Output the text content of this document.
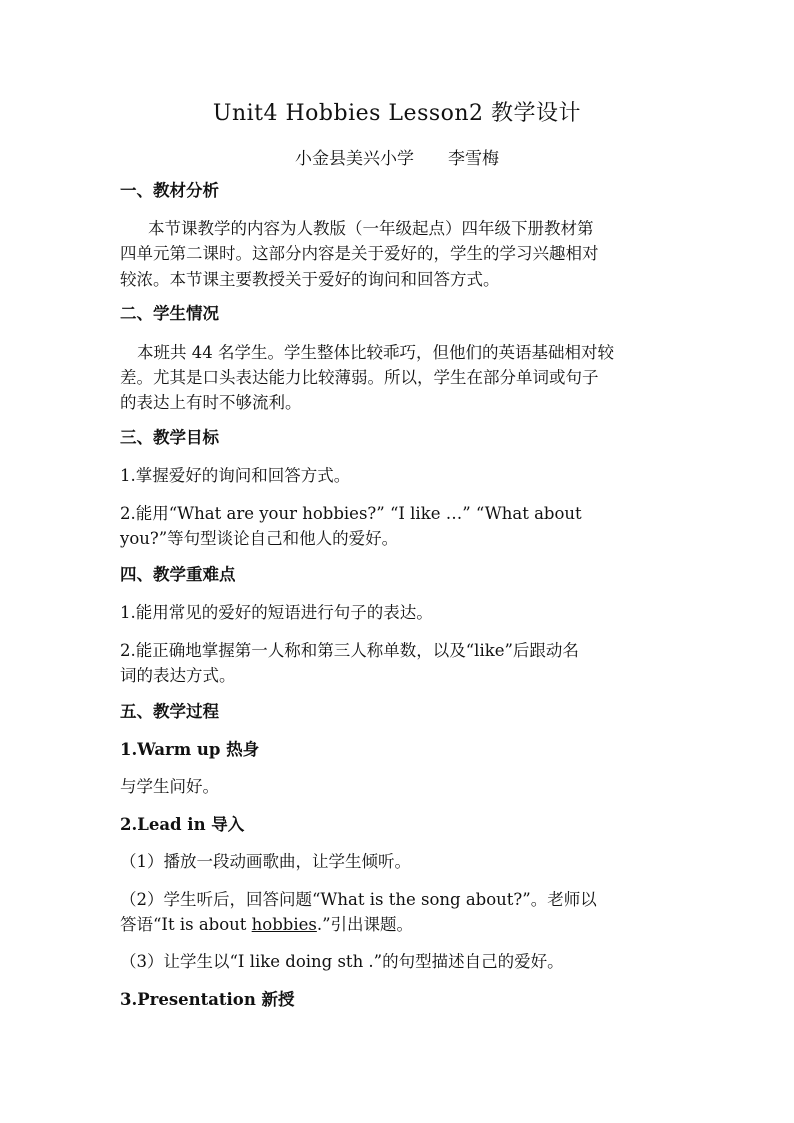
Unit4 Hobbies Lesson2 教学设计
小金县美兴小学 李雪梅
一、教材分析
本节课教学的内容为人教版（一年级起点）四年级下册教材第
四单元第二课时。这部分内容是关于爱好的，学生的学习兴趣相对
较浓。本节课主要教授关于爱好的询问和回答方式。
二、学生情况
本班共 44 名学生。学生整体比较乖巧，但他们的英语基础相对较
差。尤其是口头表达能力比较薄弱。所以，学生在部分单词或句子
的表达上有时不够流利。
三、教学目标
1.掌握爱好的询问和回答方式。
2.能用“What are your hobbies?” “I like …” “What about
you?”等句型谈论自己和他人的爱好。
四、教学重难点
1.能用常见的爱好的短语进行句子的表达。
2.能正确地掌握第一人称和第三人称单数，以及“like”后跟动名
词的表达方式。
五、教学过程
1.Warm up 热身
与学生问好。
2.Lead in 导入
（1）播放一段动画歌曲，让学生倾听。
（2）学生听后，回答问题“What is the song about?”。老师以
答语“It is about hobbies.”引出课题。
（3）让学生以“I like doing sth .”的句型描述自己的爱好。
3.Presentation 新授
